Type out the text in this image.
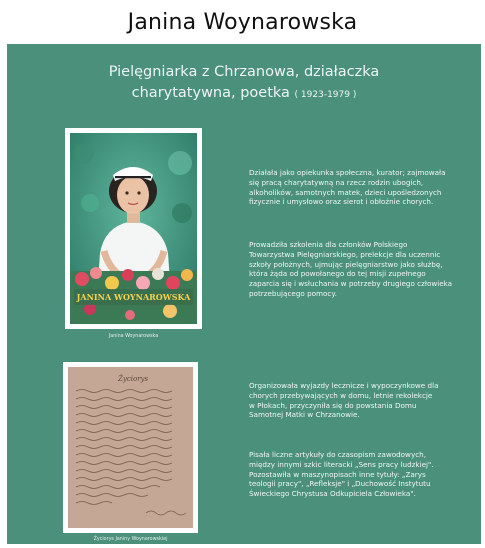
Janina Woynarowska
Pielęgniarka z Chrzanowa, działaczka
charytatywna, poetka ( 1923-1979 )
JANINA WOYNAROWSKA
Janina Woynarowska
Życiorys
Życiorys Janiny Woynarowskiej
Działała jako opiekunka społeczna, kurator; zajmowała się pracą charytatywną na rzecz rodzin ubogich, alkoholików, samotnych matek, dzieci upośledzonych fizycznie i umysłowo oraz sierot i obłożnie chorych.
Prowadziła szkolenia dla członków Polskiego Towarzystwa Pielęgniarskiego, prelekcje dla uczennic szkoły położnych, ujmując pielęgniarstwo jako służbę, która żąda od powołanego do tej misji zupełnego zaparcia się i wsłuchania w potrzeby drugiego człowieka potrzebującego pomocy.
Organizowała wyjazdy lecznicze i wypoczynkowe dla chorych przebywających w domu, letnie rekolekcje w Płokach, przyczyniła się do powstania Domu Samotnej Matki w Chrzanowie.
Pisała liczne artykuły do czasopism zawodowych, między innymi szkic literacki „Sens pracy ludzkiej". Pozostawiła w maszynopisach inne tytuły: „Zarys teologii pracy", „Refleksje" i „Duchowość Instytutu Świeckiego Chrystusa Odkupiciela Człowieka".
